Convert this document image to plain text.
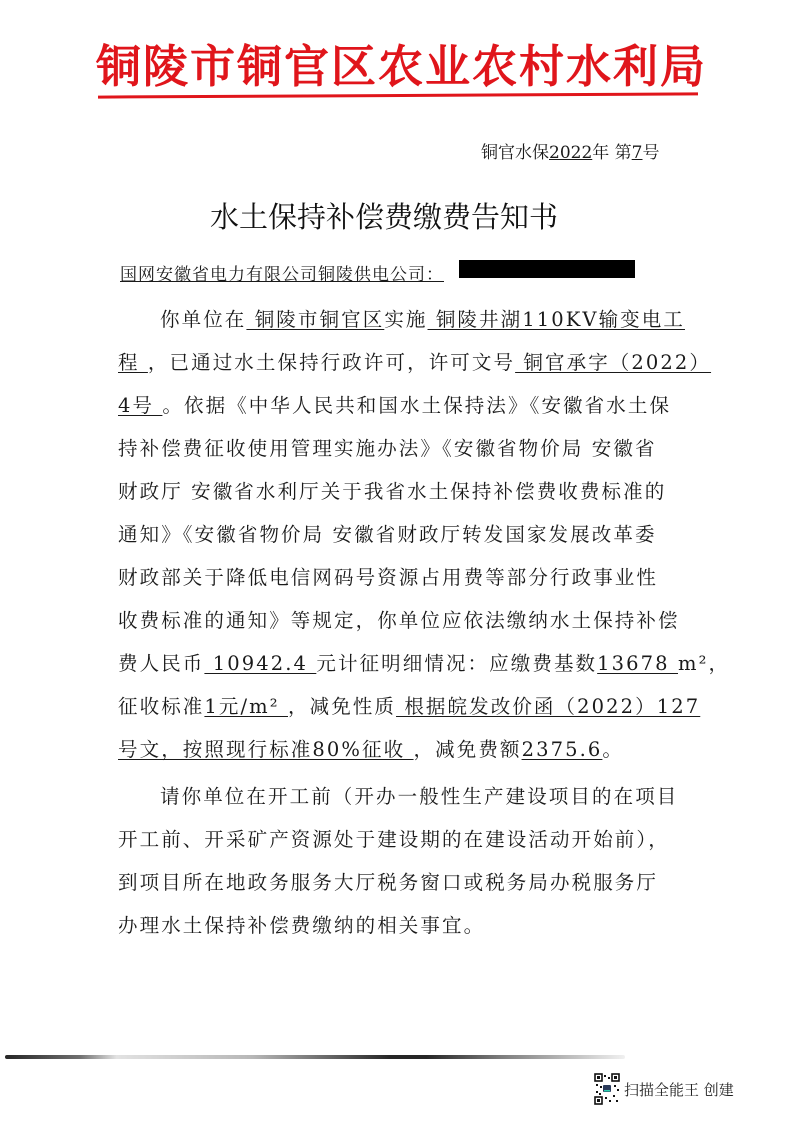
铜陵市铜官区农业农村水利局
铜官水保2022年 第7号
水土保持补偿费缴费告知书
国网安徽省电力有限公司铜陵供电公司：
你单位在 铜陵市铜官区实施 铜陵井湖110KV输变电工
程 ，已通过水土保持行政许可，许可文号 铜官承字（2022）
4号 。依据《中华人民共和国水土保持法》《安徽省水土保
持补偿费征收使用管理实施办法》《安徽省物价局 安徽省
财政厅 安徽省水利厅关于我省水土保持补偿费收费标准的
通知》《安徽省物价局 安徽省财政厅转发国家发展改革委
财政部关于降低电信网码号资源占用费等部分行政事业性
收费标准的通知》等规定，你单位应依法缴纳水土保持补偿
费人民币 10942.4 元计征明细情况：应缴费基数13678 m²，
征收标准1元/m² ，减免性质 根据皖发改价函（2022）127
号文，按照现行标准80%征收 ，减免费额2375.6。
请你单位在开工前（开办一般性生产建设项目的在项目
开工前、开采矿产资源处于建设期的在建设活动开始前），
到项目所在地政务服务大厅税务窗口或税务局办税服务厅
办理水土保持补偿费缴纳的相关事宜。
扫描全能王 创建
